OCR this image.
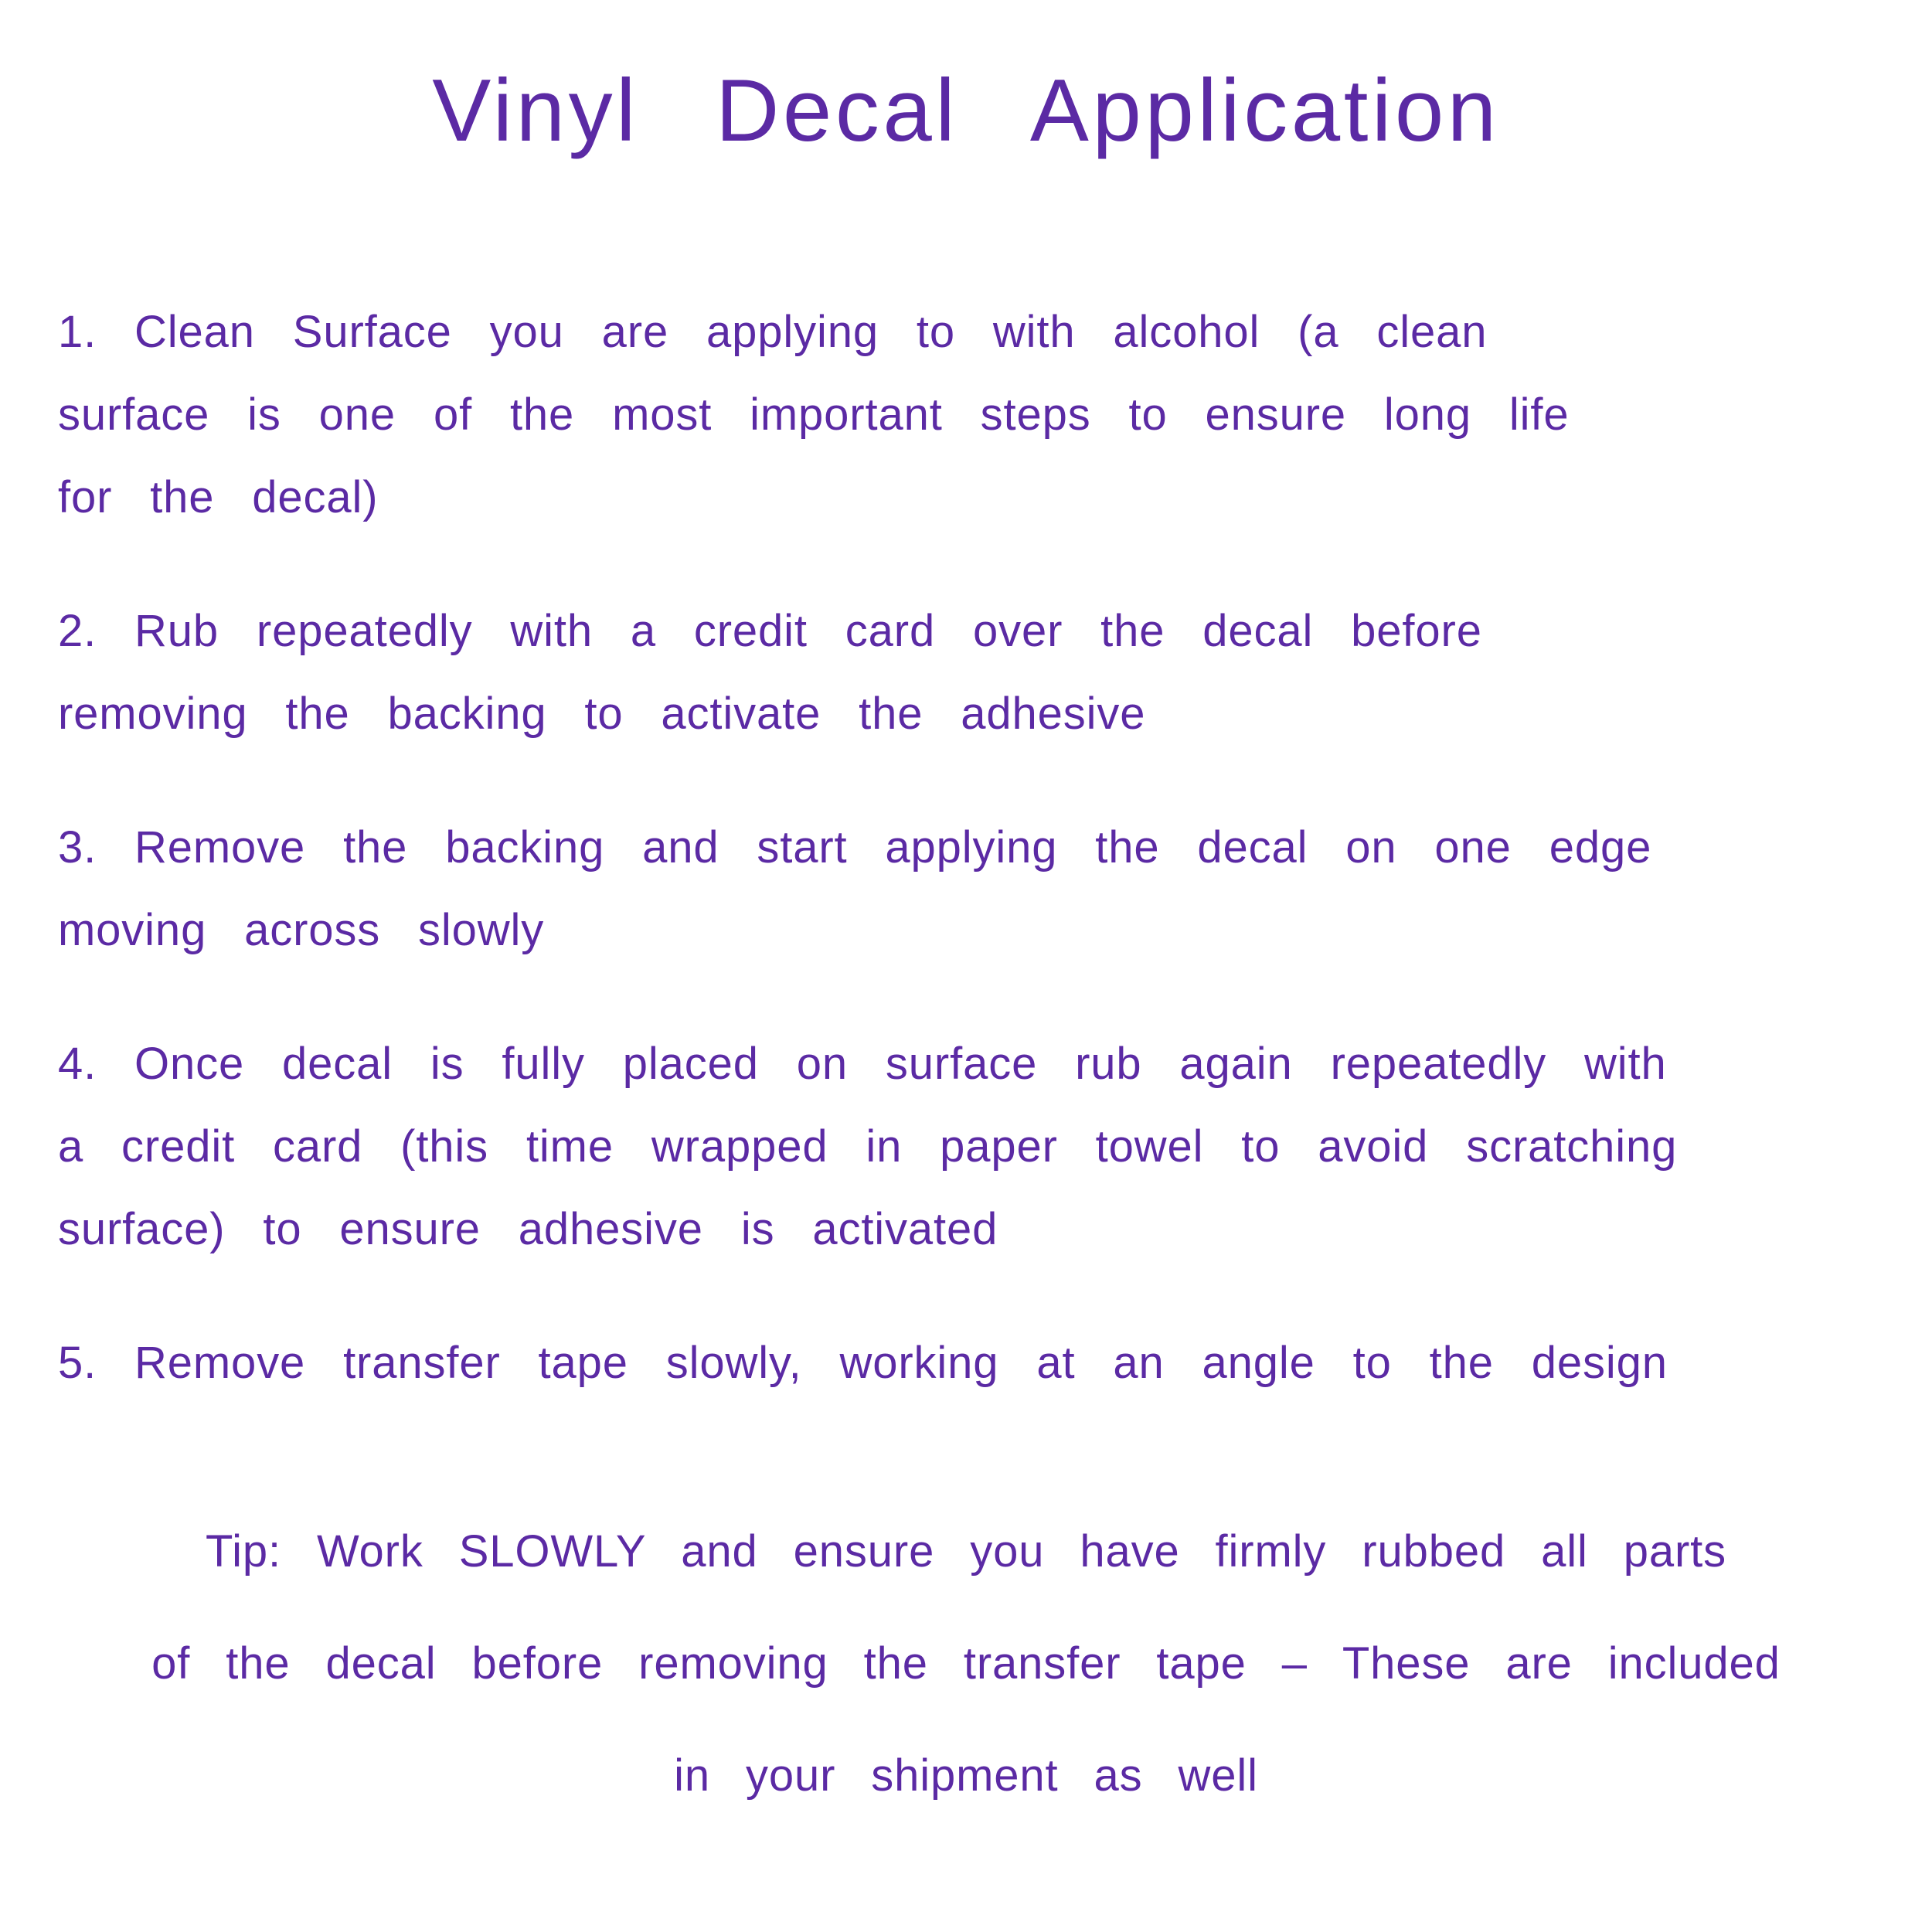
Vinyl Decal Application
1. Clean Surface you are applying to with alcohol (a clean
surface is one of the most important steps to ensure long life
for the decal)
2. Rub repeatedly with a credit card over the decal before
removing the backing to activate the adhesive
3. Remove the backing and start applying the decal on one edge
moving across slowly
4. Once decal is fully placed on surface rub again repeatedly with
a credit card (this time wrapped in paper towel to avoid scratching
surface) to ensure adhesive is activated
5. Remove transfer tape slowly, working at an angle to the design
Tip: Work SLOWLY and ensure you have firmly rubbed all parts
of the decal before removing the transfer tape – These are included
in your shipment as well
